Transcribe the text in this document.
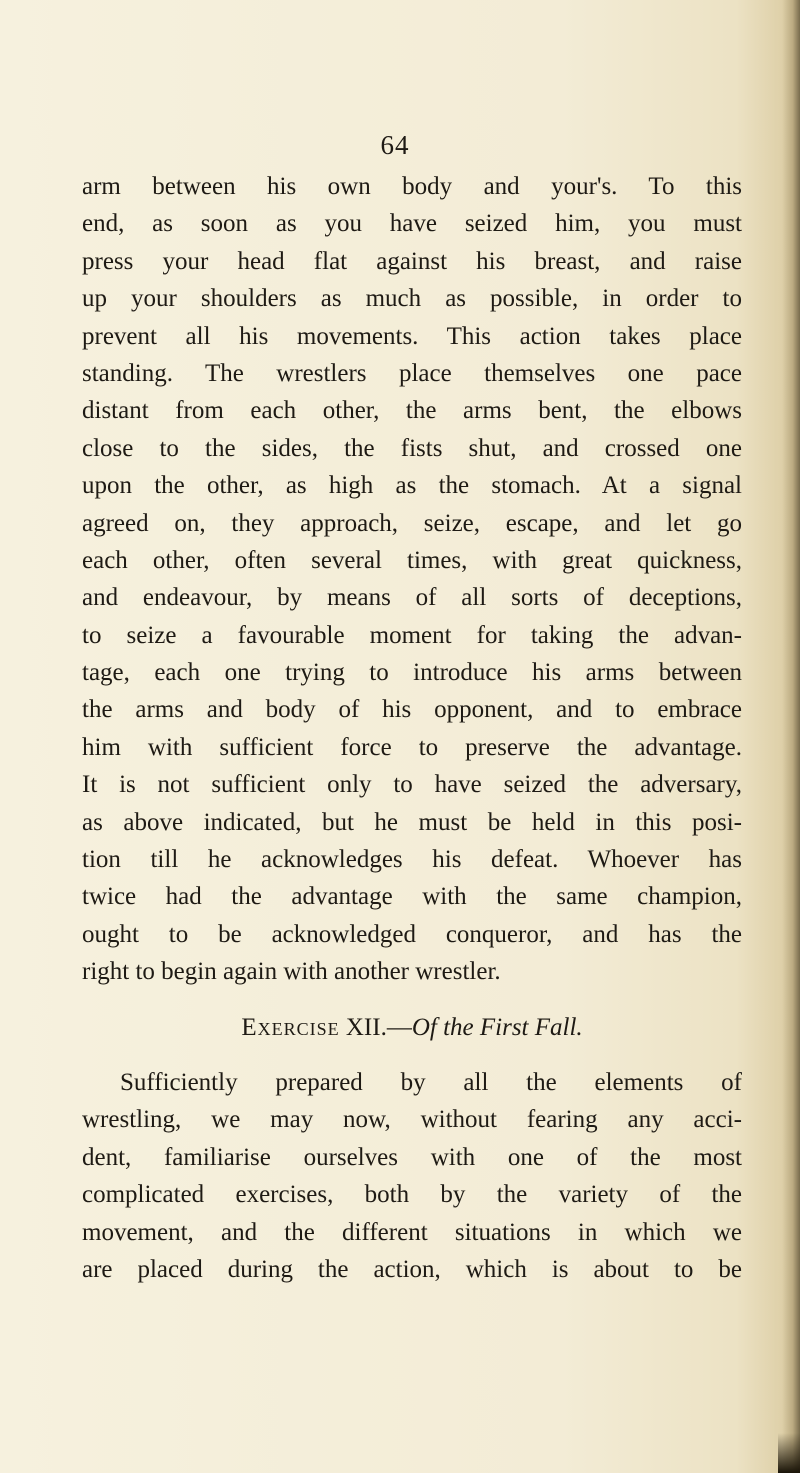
64
arm between his own body and your's. To this
end, as soon as you have seized him, you must
press your head flat against his breast, and raise
up your shoulders as much as possible, in order to
prevent all his movements. This action takes place
standing. The wrestlers place themselves one pace
distant from each other, the arms bent, the elbows
close to the sides, the fists shut, and crossed one
upon the other, as high as the stomach. At a signal
agreed on, they approach, seize, escape, and let go
each other, often several times, with great quickness,
and endeavour, by means of all sorts of deceptions,
to seize a favourable moment for taking the advan-
tage, each one trying to introduce his arms between
the arms and body of his opponent, and to embrace
him with sufficient force to preserve the advantage.
It is not sufficient only to have seized the adversary,
as above indicated, but he must be held in this posi-
tion till he acknowledges his defeat. Whoever has
twice had the advantage with the same champion,
ought to be acknowledged conqueror, and has the
right to begin again with another wrestler.
Exercise XII.—Of the First Fall.
Sufficiently prepared by all the elements of
wrestling, we may now, without fearing any acci-
dent, familiarise ourselves with one of the most
complicated exercises, both by the variety of the
movement, and the different situations in which we
are placed during the action, which is about to be
